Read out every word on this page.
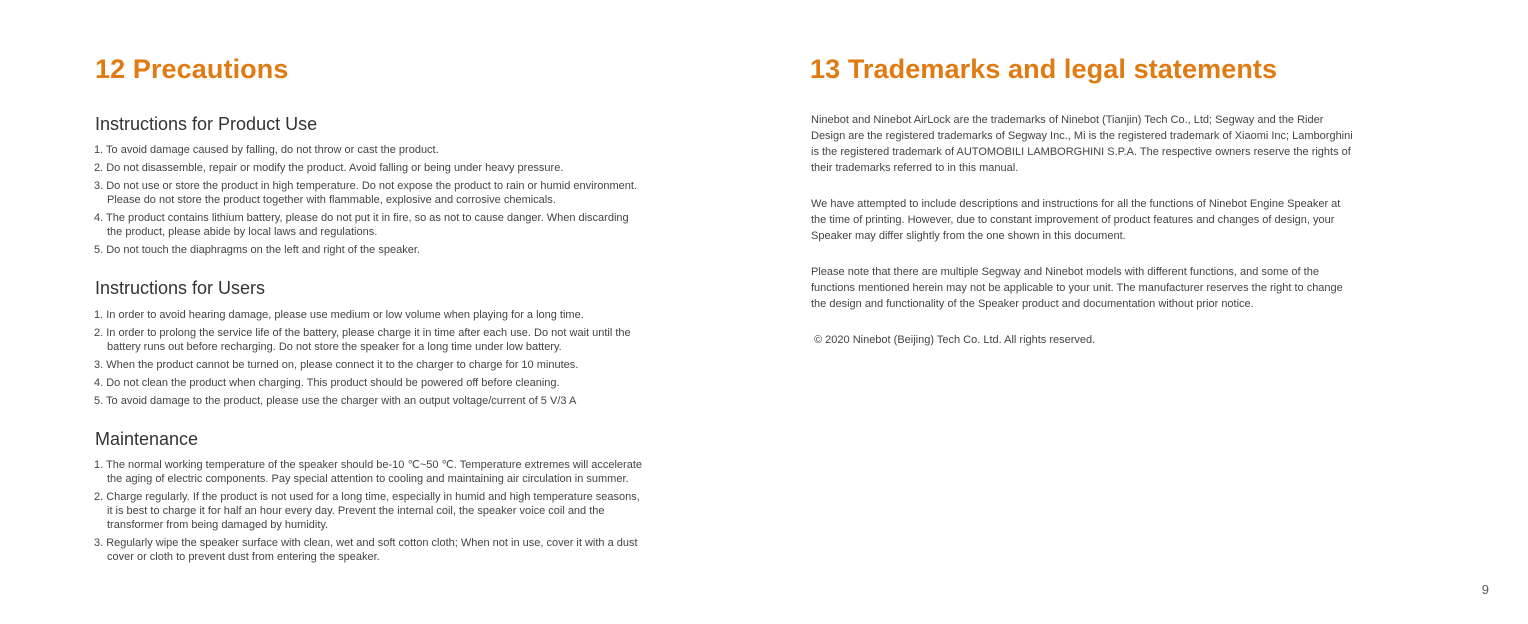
12 Precautions
Instructions for Product Use
1. To avoid damage caused by falling, do not throw or cast the product.
2. Do not disassemble, repair or modify the product. Avoid falling or being under heavy pressure.
3. Do not use or store the product in high temperature. Do not expose the product to rain or humid environment.
Please do not store the product together with flammable, explosive and corrosive chemicals.
4. The product contains lithium battery, please do not put it in fire, so as not to cause danger. When discarding
the product, please abide by local laws and regulations.
5. Do not touch the diaphragms on the left and right of the speaker.
Instructions for Users
1. In order to avoid hearing damage, please use medium or low volume when playing for a long time.
2. In order to prolong the service life of the battery, please charge it in time after each use. Do not wait until the
battery runs out before recharging. Do not store the speaker for a long time under low battery.
3. When the product cannot be turned on, please connect it to the charger to charge for 10 minutes.
4. Do not clean the product when charging. This product should be powered off before cleaning.
5. To avoid damage to the product, please use the charger with an output voltage/current of 5 V/3 A
Maintenance
1. The normal working temperature of the speaker should be-10 ℃~50 ℃. Temperature extremes will accelerate
the aging of electric components. Pay special attention to cooling and maintaining air circulation in summer.
2. Charge regularly. If the product is not used for a long time, especially in humid and high temperature seasons,
it is best to charge it for half an hour every day. Prevent the internal coil, the speaker voice coil and the
transformer from being damaged by humidity.
3. Regularly wipe the speaker surface with clean, wet and soft cotton cloth; When not in use, cover it with a dust
cover or cloth to prevent dust from entering the speaker.
13 Trademarks and legal statements
Ninebot and Ninebot AirLock are the trademarks of Ninebot (Tianjin) Tech Co., Ltd; Segway and the Rider
Design are the registered trademarks of Segway Inc., Mi is the registered trademark of Xiaomi Inc; Lamborghini
is the registered trademark of AUTOMOBILI LAMBORGHINI S.P.A. The respective owners reserve the rights of
their trademarks referred to in this manual.
We have attempted to include descriptions and instructions for all the functions of Ninebot Engine Speaker at
the time of printing. However, due to constant improvement of product features and changes of design, your
Speaker may differ slightly from the one shown in this document.
Please note that there are multiple Segway and Ninebot models with different functions, and some of the
functions mentioned herein may not be applicable to your unit. The manufacturer reserves the right to change
the design and functionality of the Speaker product and documentation without prior notice.
© 2020 Ninebot (Beijing) Tech Co. Ltd. All rights reserved.
9
